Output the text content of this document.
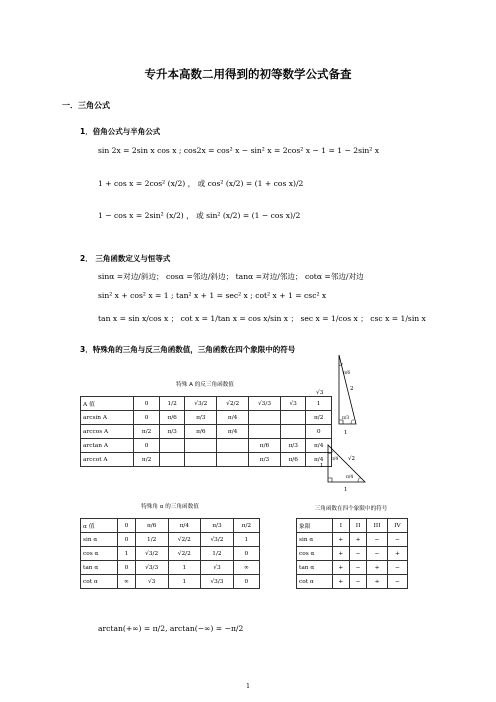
专升本高数二用得到的初等数学公式备查
一．三角公式
1．倍角公式与半角公式
sin 2x = 2sin x cos x ; cos2x = cos² x − sin² x = 2cos² x − 1 = 1 − 2sin² x
1 + cos x = 2cos² (x/2) ， 或 cos² (x/2) = (1 + cos x)/2
1 − cos x = 2sin² (x/2) ， 或 sin² (x/2) = (1 − cos x)/2
2． 三角函数定义与恒等式
sinα =对边/斜边； cosα =邻边/斜边； tanα =对边/邻边； cotα =邻边/对边
sin² x + cos² x = 1 ; tan² x + 1 = sec² x ; cot² x + 1 = csc² x
tan x = sin x/cos x ； cot x = 1/tan x = cos x/sin x ； sec x = 1/cos x ； csc x = 1/sin x
3．特殊角的三角与反三角函数值，三角函数在四个象限中的符号
特殊 A 的反三角函数值
A 值	0	1/2	√3/2	√2/2	√3/3	√3	1
arcsin A	0	π/6	π/3	π/4			π/2
arccos A	π/2	π/3	π/6	π/4			0
arctan A	0				π/6	π/3	π/4
arccot A	π/2				π/3	π/6	π/4
√3
2
1
π/6
π/3
1
√2
1
π/4
π/4
特殊角 α 的三角函数值
α 值	0	π/6	π/4	π/3	π/2
sin α	0	1/2	√2/2	√3/2	1
cos α	1	√3/2	√2/2	1/2	0
tan α	0	√3/3	1	√3	∞
cot α	∞	√3	1	√3/3	0
三角函数在四个象限中的符号
象限	I	II	III	IV
sin α	+	+	−	−
cos α	+	−	−	+
tan α	+	−	+	−
cot α	+	−	+	−
arctan(+∞) = π/2, arctan(−∞) = −π/2
1
